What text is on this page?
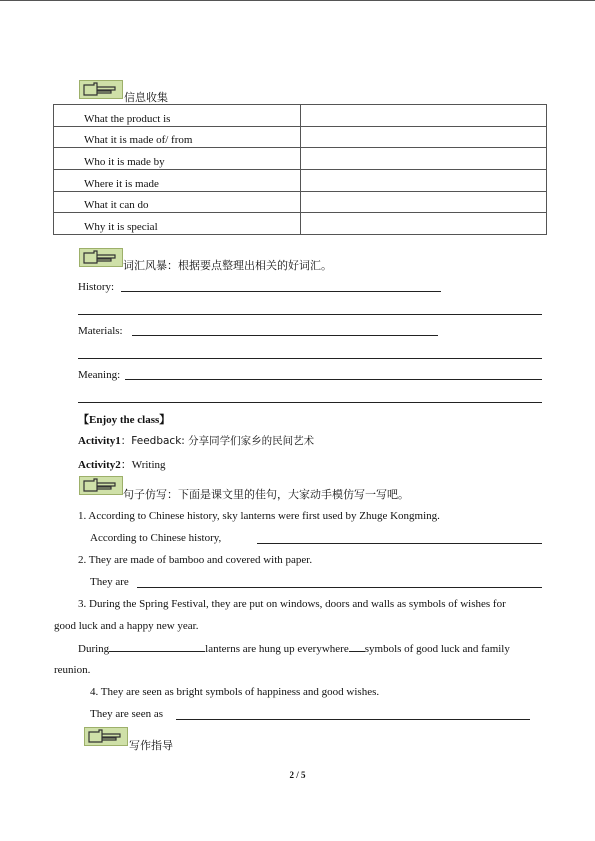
信息收集
What the product is	
What it is made of/ from	
Who it is made by	
Where it is made	
What it can do	
Why it is special	
词汇风暴：根据要点整理出相关的好词汇。
History:
Materials:
Meaning:
【Enjoy the class】
Activity1：Feedback: 分享同学们家乡的民间艺术
Activity2：Writing
句子仿写：下面是课文里的佳句，大家动手模仿写一写吧。
1. According to Chinese history, sky lanterns were first used by Zhuge Kongming.
According to Chinese history,
2. They are made of bamboo and covered with paper.
They are
3. During the Spring Festival, they are put on windows, doors and walls as symbols of wishes for
good luck and a happy new year.
During	lanterns are hung up everywhere symbols of good luck and family
reunion.
4. They are seen as bright symbols of happiness and good wishes.
They are seen as
写作指导
2 / 5
